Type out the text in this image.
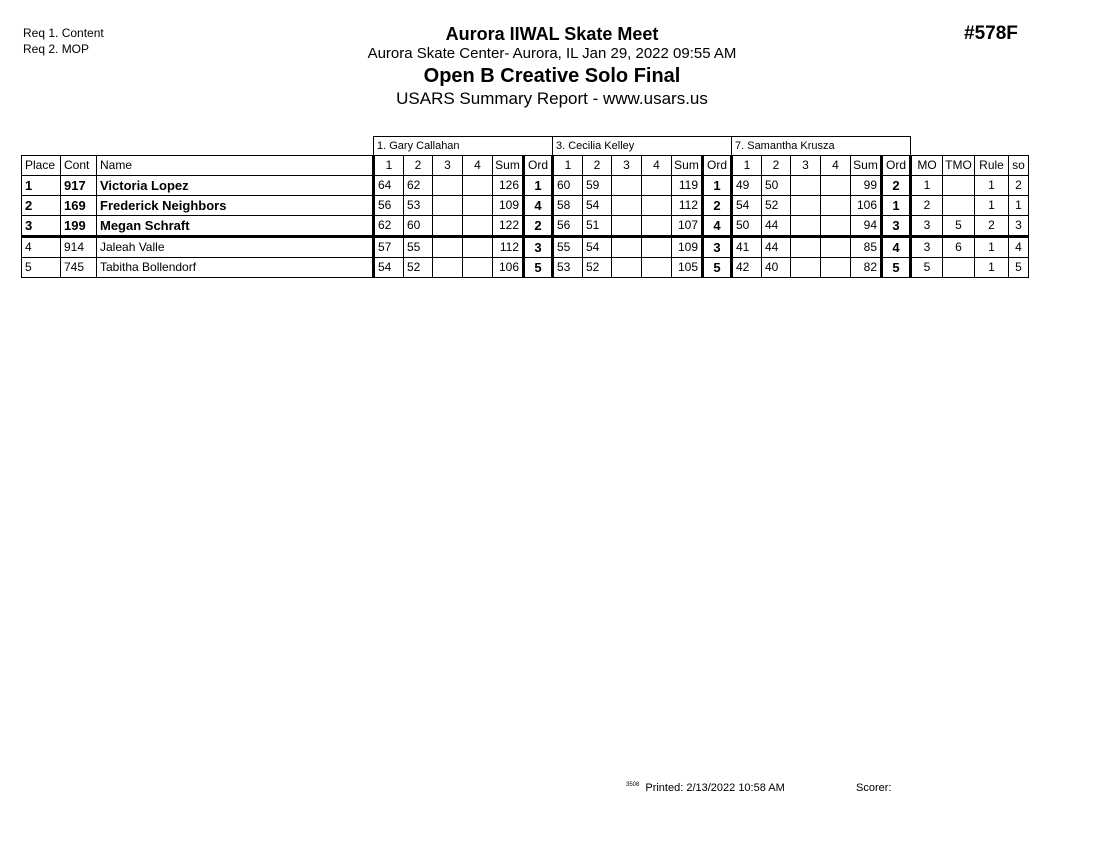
Req 1. Content
Req 2. MOP
Aurora IIWAL Skate Meet
Aurora Skate Center- Aurora, IL Jan 29, 2022 09:55 AM
Open B Creative Solo Final
USARS Summary Report - www.usars.us
#578F
			1. Gary Callahan						3. Cecilia Kelley						7. Samantha Krusza									
Place	Cont	Name	1	2	3	4	Sum	Ord	1	2	3	4	Sum	Ord	1	2	3	4	Sum	Ord	MO	TMO	Rule	so
1	917	Victoria Lopez	64	62			126	1	60	59			119	1	49	50			99	2	1		1	2
2	169	Frederick Neighbors	56	53			109	4	58	54			112	2	54	52			106	1	2		1	1
3	199	Megan Schraft	62	60			122	2	56	51			107	4	50	44			94	3	3	5	2	3
4	914	Jaleah Valle	57	55			112	3	55	54			109	3	41	44			85	4	3	6	1	4
5	745	Tabitha Bollendorf	54	52			106	5	53	52			105	5	42	40			82	5	5		1	5
$^{3508}$ Printed: 2/13/2022 10:58 AM	Scorer:
